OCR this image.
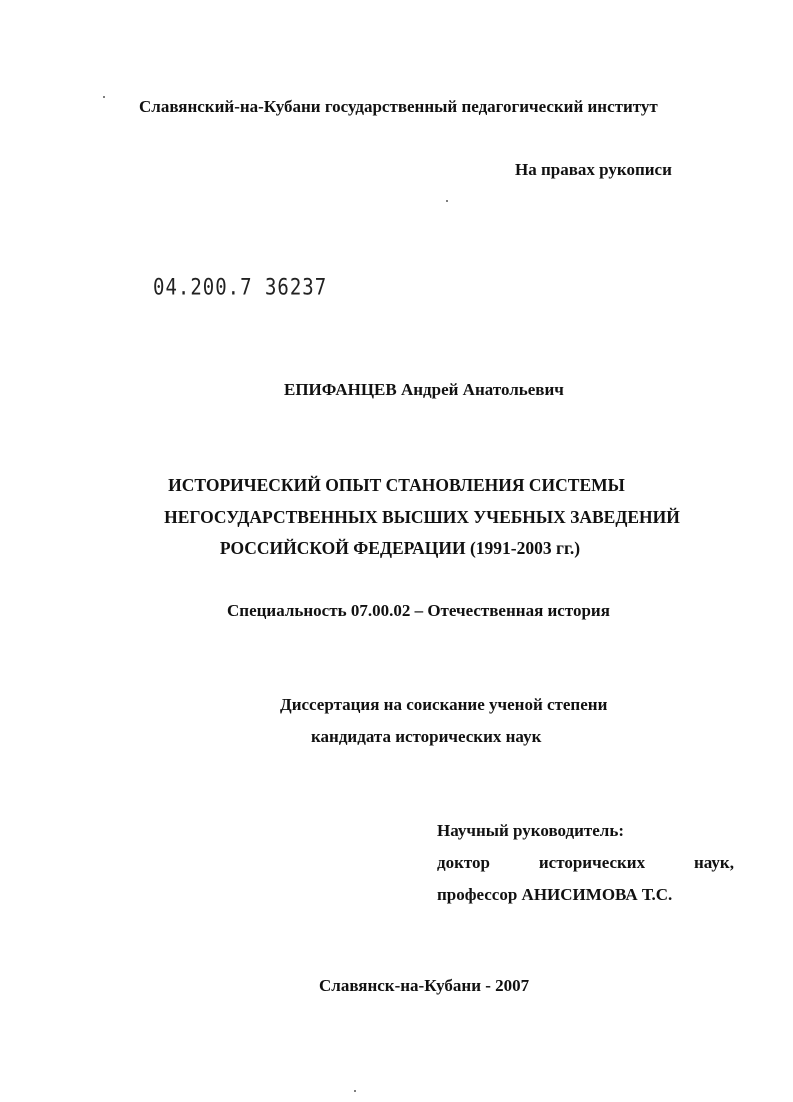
Славянский-на-Кубани государственный педагогический институт
На правах рукописи
04.200.7 36237
ЕПИФАНЦЕВ Андрей Анатольевич
ИСТОРИЧЕСКИЙ ОПЫТ СТАНОВЛЕНИЯ СИСТЕМЫ
НЕГОСУДАРСТВЕННЫХ ВЫСШИХ УЧЕБНЫХ ЗАВЕДЕНИЙ
РОССИЙСКОЙ ФЕДЕРАЦИИ (1991-2003 гг.)
Специальность 07.00.02 – Отечественная история
Диссертация на соискание ученой степени
кандидата исторических наук
Научный руководитель:
доктор	исторических	наук,
профессор АНИСИМОВА Т.С.
Славянск-на-Кубани - 2007
